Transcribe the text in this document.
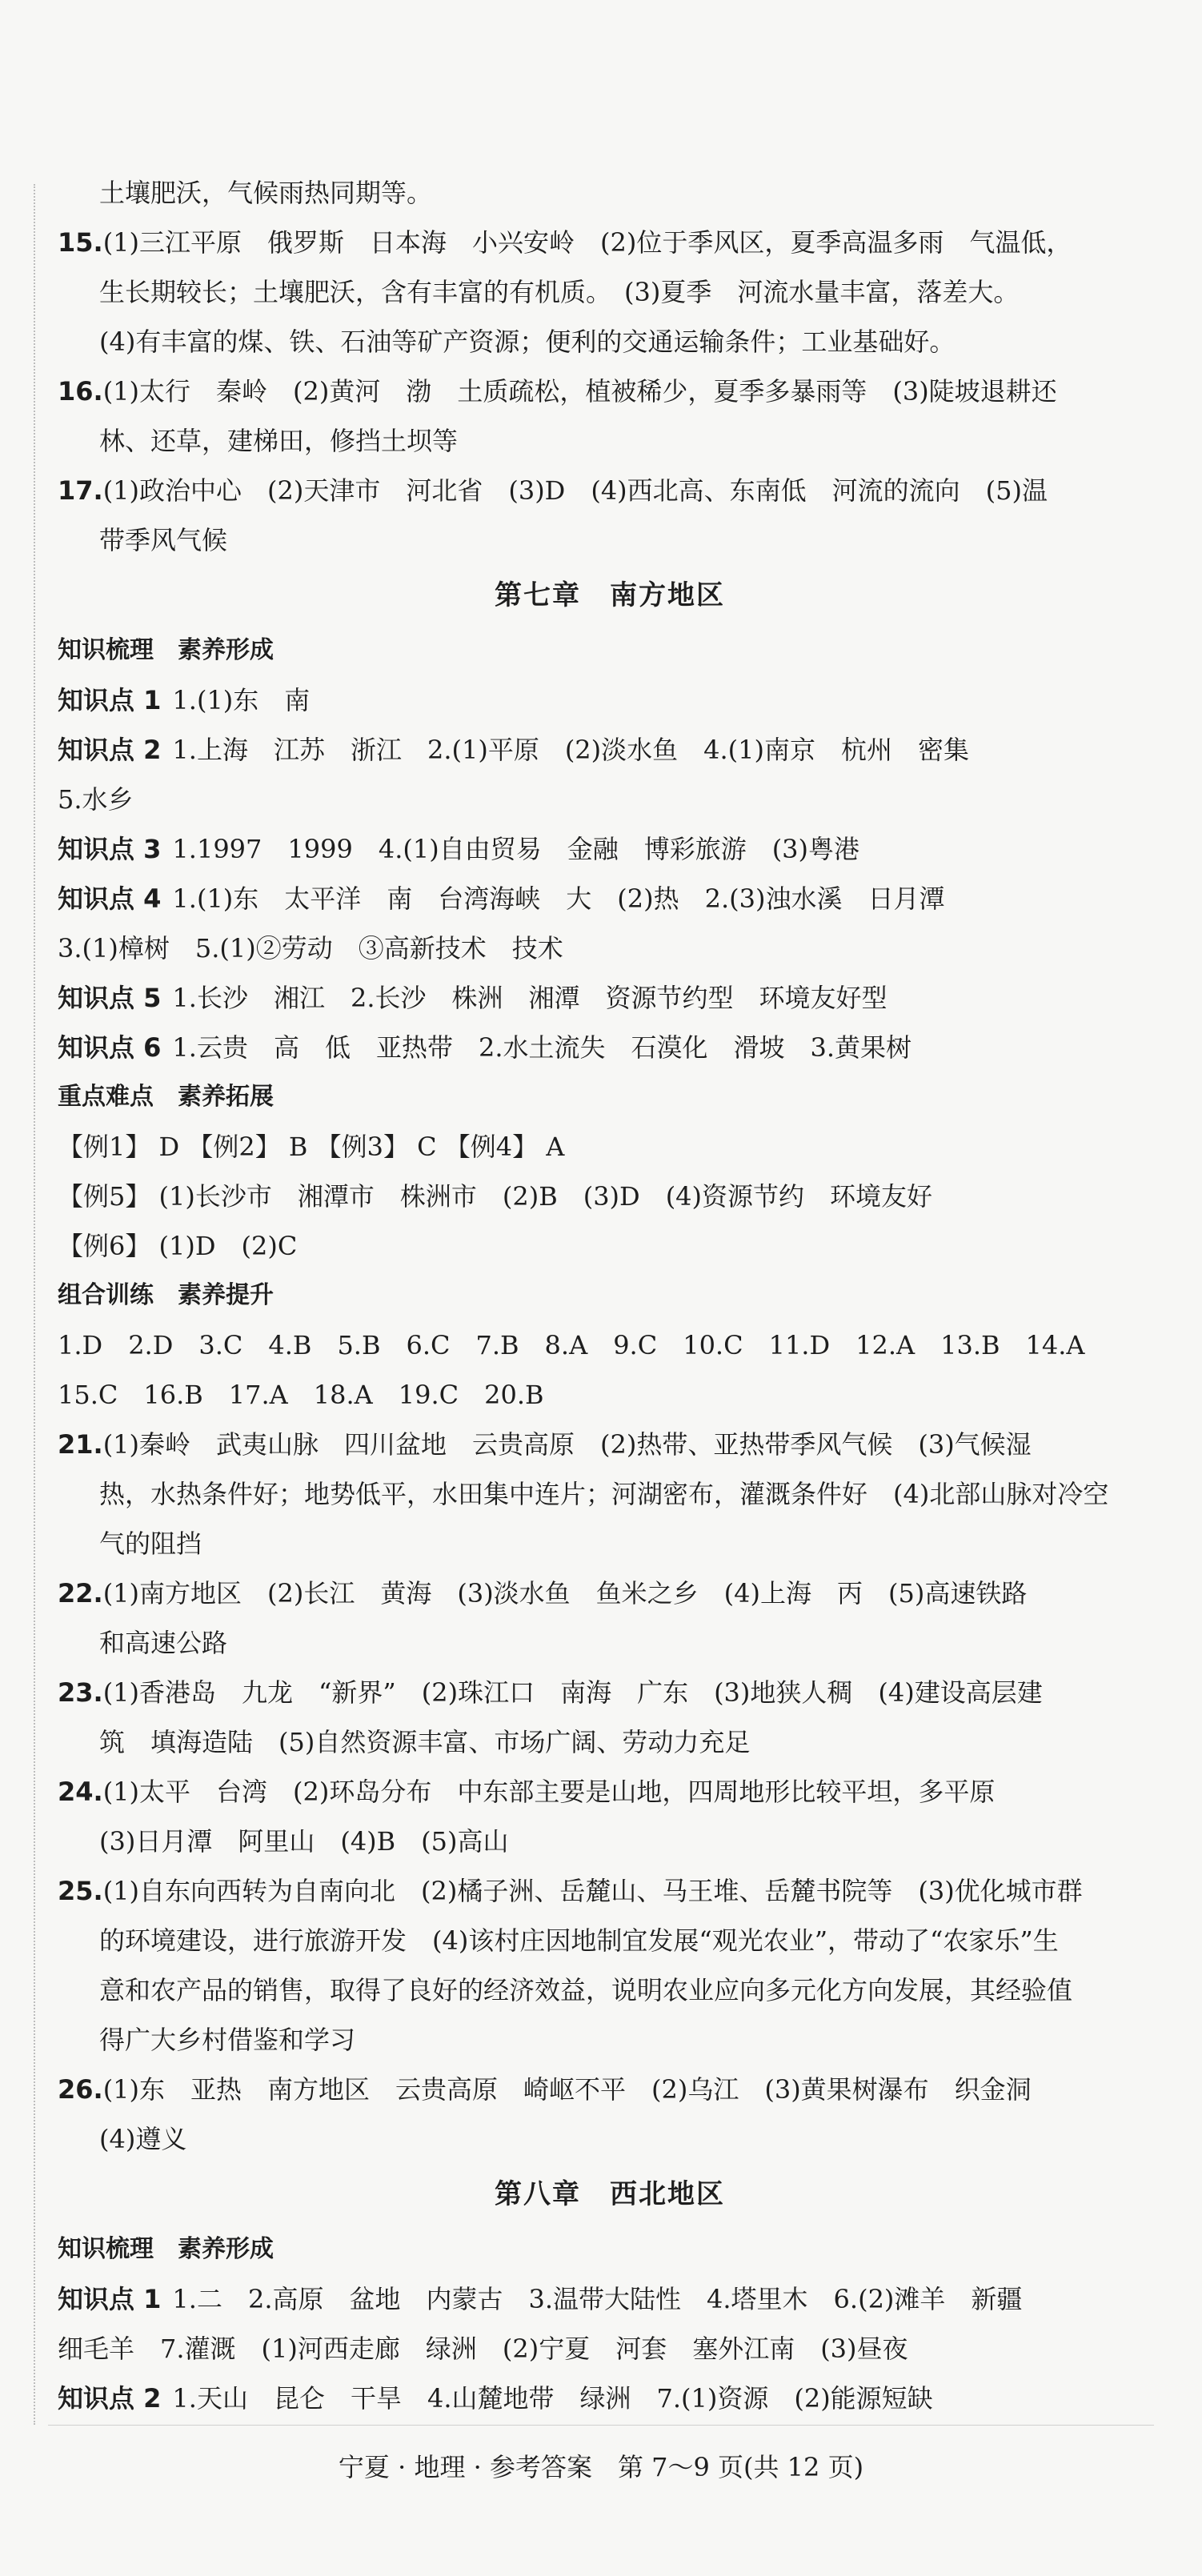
土壤肥沃，气候雨热同期等。
15.(1)三江平原　俄罗斯　日本海　小兴安岭　(2)位于季风区，夏季高温多雨　气温低，
生长期较长；土壤肥沃，含有丰富的有机质。　(3)夏季　河流水量丰富，落差大。
(4)有丰富的煤、铁、石油等矿产资源；便利的交通运输条件；工业基础好。
16.(1)太行　秦岭　(2)黄河　渤　土质疏松，植被稀少，夏季多暴雨等　(3)陡坡退耕还
林、还草，建梯田，修挡土坝等
17.(1)政治中心　(2)天津市　河北省　(3)D　(4)西北高、东南低　河流的流向　(5)温
带季风气候
第七章　南方地区
知识梳理　素养形成
知识点 1 1.(1)东　南
知识点 2 1.上海　江苏　浙江　2.(1)平原　(2)淡水鱼　4.(1)南京　杭州　密集
5.水乡
知识点 3 1.1997　1999　4.(1)自由贸易　金融　博彩旅游　(3)粤港
知识点 4 1.(1)东　太平洋　南　台湾海峡　大　(2)热　2.(3)浊水溪　日月潭
3.(1)樟树　5.(1)②劳动　③高新技术　技术
知识点 5 1.长沙　湘江　2.长沙　株洲　湘潭　资源节约型　环境友好型
知识点 6 1.云贵　高　低　亚热带　2.水土流失　石漠化　滑坡　3.黄果树
重点难点　素养拓展
【例1】 D 【例2】 B 【例3】 C 【例4】 A
【例5】 (1)长沙市　湘潭市　株洲市　(2)B　(3)D　(4)资源节约　环境友好
【例6】 (1)D　(2)C
组合训练　素养提升
1.D　2.D　3.C　4.B　5.B　6.C　7.B　8.A　9.C　10.C　11.D　12.A　13.B　14.A
15.C　16.B　17.A　18.A　19.C　20.B
21.(1)秦岭　武夷山脉　四川盆地　云贵高原　(2)热带、亚热带季风气候　(3)气候湿
热，水热条件好；地势低平，水田集中连片；河湖密布，灌溉条件好　(4)北部山脉对冷空
气的阻挡
22.(1)南方地区　(2)长江　黄海　(3)淡水鱼　鱼米之乡　(4)上海　丙　(5)高速铁路
和高速公路
23.(1)香港岛　九龙　“新界”　(2)珠江口　南海　广东　(3)地狭人稠　(4)建设高层建
筑　填海造陆　(5)自然资源丰富、市场广阔、劳动力充足
24.(1)太平　台湾　(2)环岛分布　中东部主要是山地，四周地形比较平坦，多平原
(3)日月潭　阿里山　(4)B　(5)高山
25.(1)自东向西转为自南向北　(2)橘子洲、岳麓山、马王堆、岳麓书院等　(3)优化城市群
的环境建设，进行旅游开发　(4)该村庄因地制宜发展“观光农业”，带动了“农家乐”生
意和农产品的销售，取得了良好的经济效益，说明农业应向多元化方向发展，其经验值
得广大乡村借鉴和学习
26.(1)东　亚热　南方地区　云贵高原　崎岖不平　(2)乌江　(3)黄果树瀑布　织金洞
(4)遵义
第八章　西北地区
知识梳理　素养形成
知识点 1 1.二　2.高原　盆地　内蒙古　3.温带大陆性　4.塔里木　6.(2)滩羊　新疆
细毛羊　7.灌溉　(1)河西走廊　绿洲　(2)宁夏　河套　塞外江南　(3)昼夜
知识点 2 1.天山　昆仑　干旱　4.山麓地带　绿洲　7.(1)资源　(2)能源短缺
宁夏 · 地理 · 参考答案　第 7～9 页(共 12 页)
